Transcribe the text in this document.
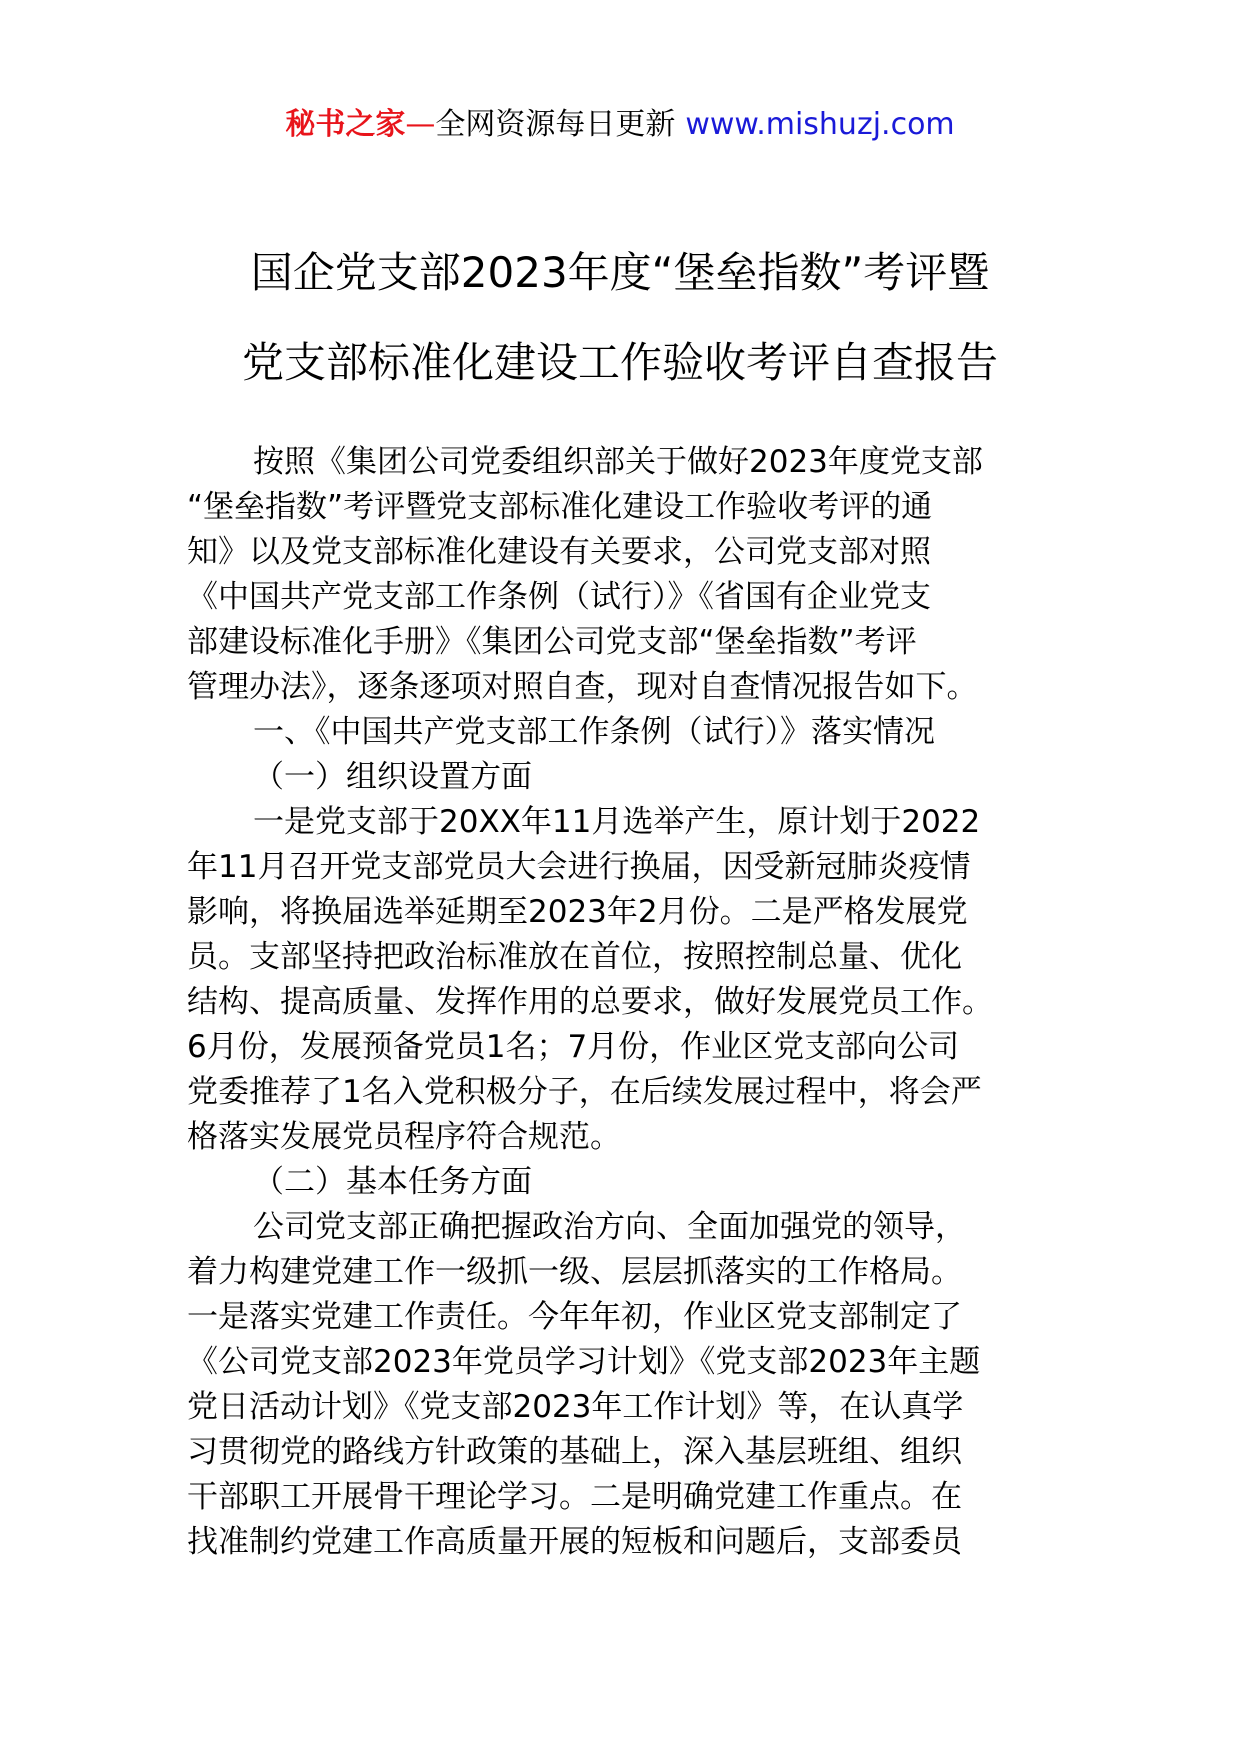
秘书之家—全网资源每日更新 www.mishuzj.com
国企党支部2023年度“堡垒指数”考评暨
党支部标准化建设工作验收考评自查报告
按照《集团公司党委组织部关于做好2023年度党支部
“堡垒指数”考评暨党支部标准化建设工作验收考评的通
知》以及党支部标准化建设有关要求，公司党支部对照
《中国共产党支部工作条例（试行）》《省国有企业党支
部建设标准化手册》《集团公司党支部“堡垒指数”考评
管理办法》，逐条逐项对照自查，现对自查情况报告如下。
一、《中国共产党支部工作条例（试行）》落实情况
（一）组织设置方面
一是党支部于20XX年11月选举产生，原计划于2022
年11月召开党支部党员大会进行换届，因受新冠肺炎疫情
影响，将换届选举延期至2023年2月份。二是严格发展党
员。支部坚持把政治标准放在首位，按照控制总量、优化
结构、提高质量、发挥作用的总要求，做好发展党员工作。
6月份，发展预备党员1名；7月份，作业区党支部向公司
党委推荐了1名入党积极分子，在后续发展过程中，将会严
格落实发展党员程序符合规范。
（二）基本任务方面
公司党支部正确把握政治方向、全面加强党的领导，
着力构建党建工作一级抓一级、层层抓落实的工作格局。
一是落实党建工作责任。今年年初，作业区党支部制定了
《公司党支部2023年党员学习计划》《党支部2023年主题
党日活动计划》《党支部2023年工作计划》等，在认真学
习贯彻党的路线方针政策的基础上，深入基层班组、组织
干部职工开展骨干理论学习。二是明确党建工作重点。在
找准制约党建工作高质量开展的短板和问题后，支部委员
